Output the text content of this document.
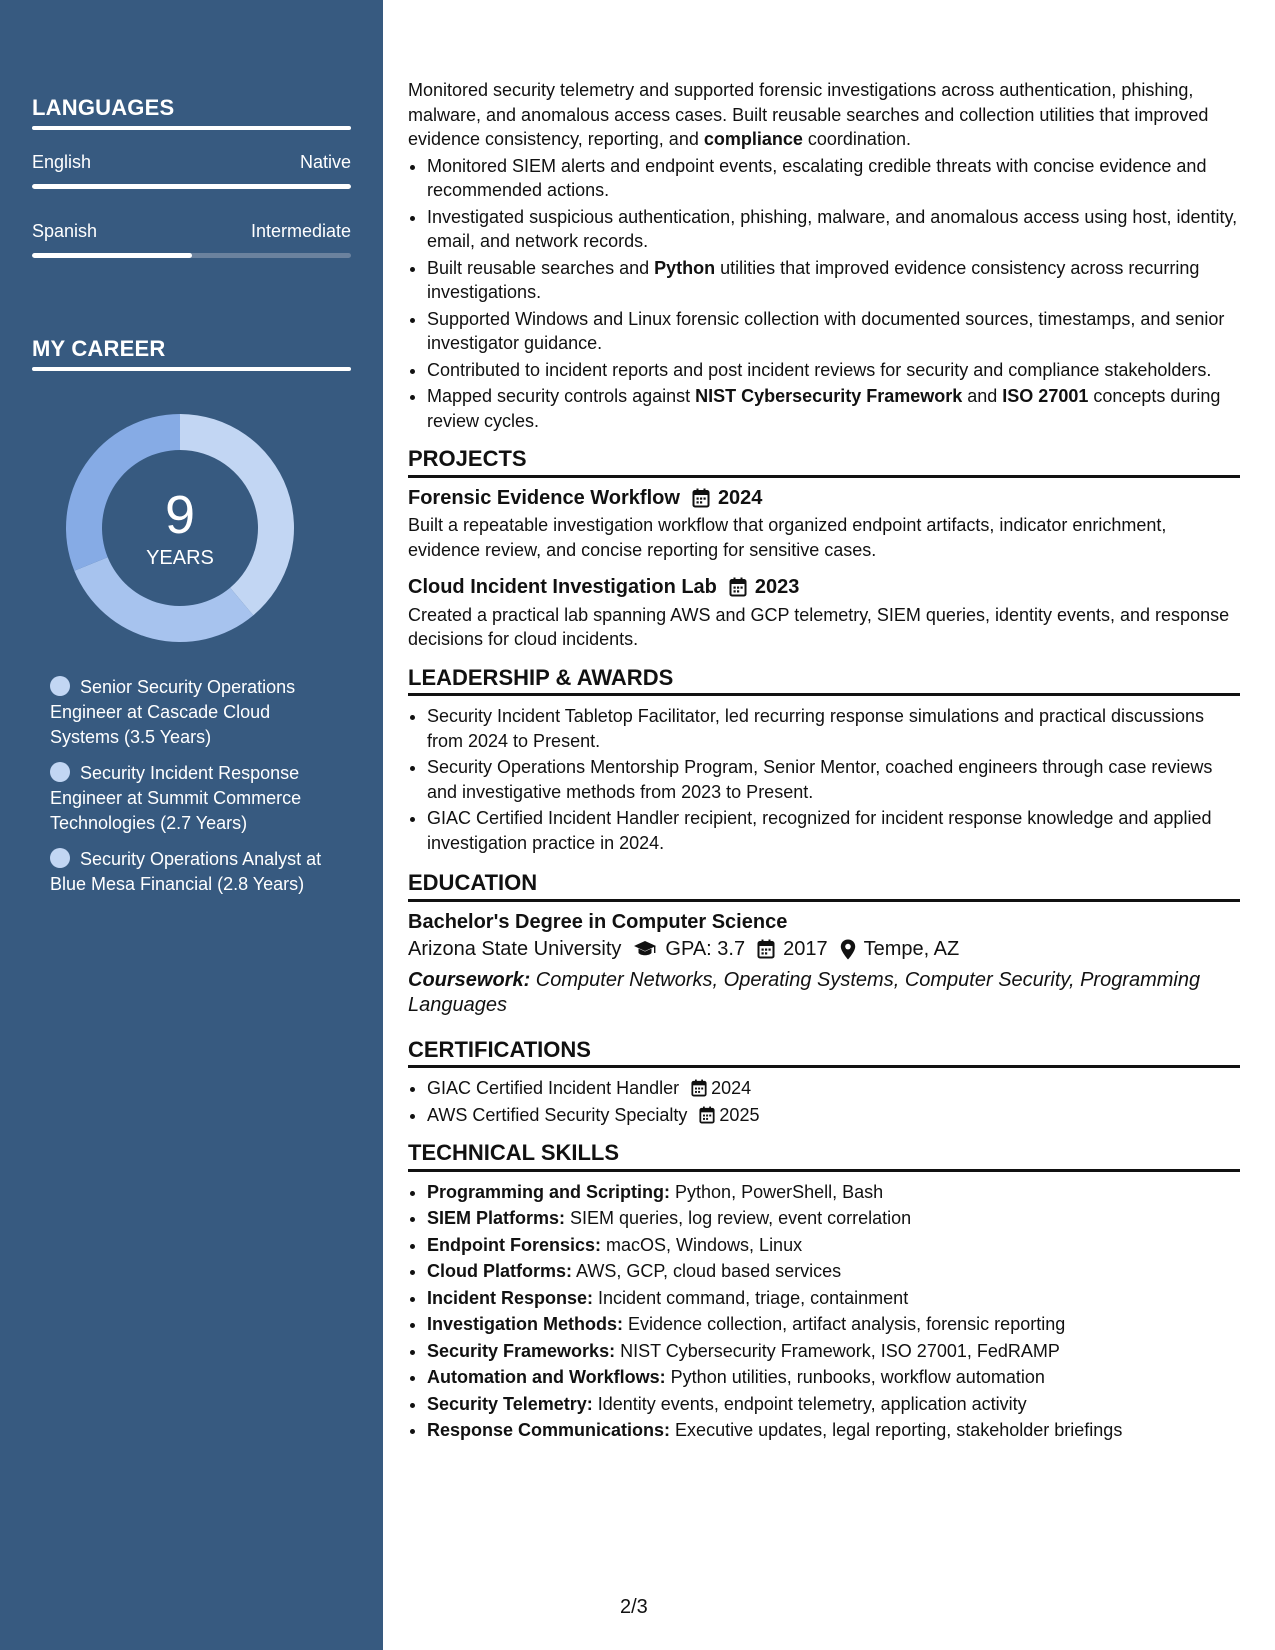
LANGUAGES
English	Native
Spanish	Intermediate
MY CAREER
9
YEARS
Senior Security Operations Engineer at Cascade Cloud Systems (3.5 Years)
Security Incident Response Engineer at Summit Commerce Technologies (2.7 Years)
Security Operations Analyst at Blue Mesa Financial (2.8 Years)

Monitored security telemetry and supported forensic investigations across authentication, phishing, malware, and anomalous access cases. Built reusable searches and collection utilities that improved evidence consistency, reporting, and compliance coordination.

• Monitored SIEM alerts and endpoint events, escalating credible threats with concise evidence and recommended actions.
• Investigated suspicious authentication, phishing, malware, and anomalous access using host, identity, email, and network records.
• Built reusable searches and Python utilities that improved evidence consistency across recurring investigations.
• Supported Windows and Linux forensic collection with documented sources, timestamps, and senior investigator guidance.
• Contributed to incident reports and post incident reviews for security and compliance stakeholders.
• Mapped security controls against NIST Cybersecurity Framework and ISO 27001 concepts during review cycles.
PROJECTS
Forensic Evidence Workflow 2024

Built a repeatable investigation workflow that organized endpoint artifacts, indicator enrichment, evidence review, and concise reporting for sensitive cases.

Cloud Incident Investigation Lab 2023

Created a practical lab spanning AWS and GCP telemetry, SIEM queries, identity events, and response decisions for cloud incidents.

LEADERSHIP & AWARDS
• Security Incident Tabletop Facilitator, led recurring response simulations and practical discussions from 2024 to Present.
• Security Operations Mentorship Program, Senior Mentor, coached engineers through case reviews and investigative methods from 2023 to Present.
• GIAC Certified Incident Handler recipient, recognized for incident response knowledge and applied investigation practice in 2024.
EDUCATION
Bachelor's Degree in Computer Science
Arizona State University GPA: 3.7 2017 Tempe, AZ
Coursework: Computer Networks, Operating Systems, Computer Security, Programming Languages
CERTIFICATIONS
• GIAC Certified Incident Handler 2024
• AWS Certified Security Specialty 2025
TECHNICAL SKILLS
• Programming and Scripting: Python, PowerShell, Bash
• SIEM Platforms: SIEM queries, log review, event correlation
• Endpoint Forensics: macOS, Windows, Linux
• Cloud Platforms: AWS, GCP, cloud based services
• Incident Response: Incident command, triage, containment
• Investigation Methods: Evidence collection, artifact analysis, forensic reporting
• Security Frameworks: NIST Cybersecurity Framework, ISO 27001, FedRAMP
• Automation and Workflows: Python utilities, runbooks, workflow automation
• Security Telemetry: Identity events, endpoint telemetry, application activity
• Response Communications: Executive updates, legal reporting, stakeholder briefings
2/3
